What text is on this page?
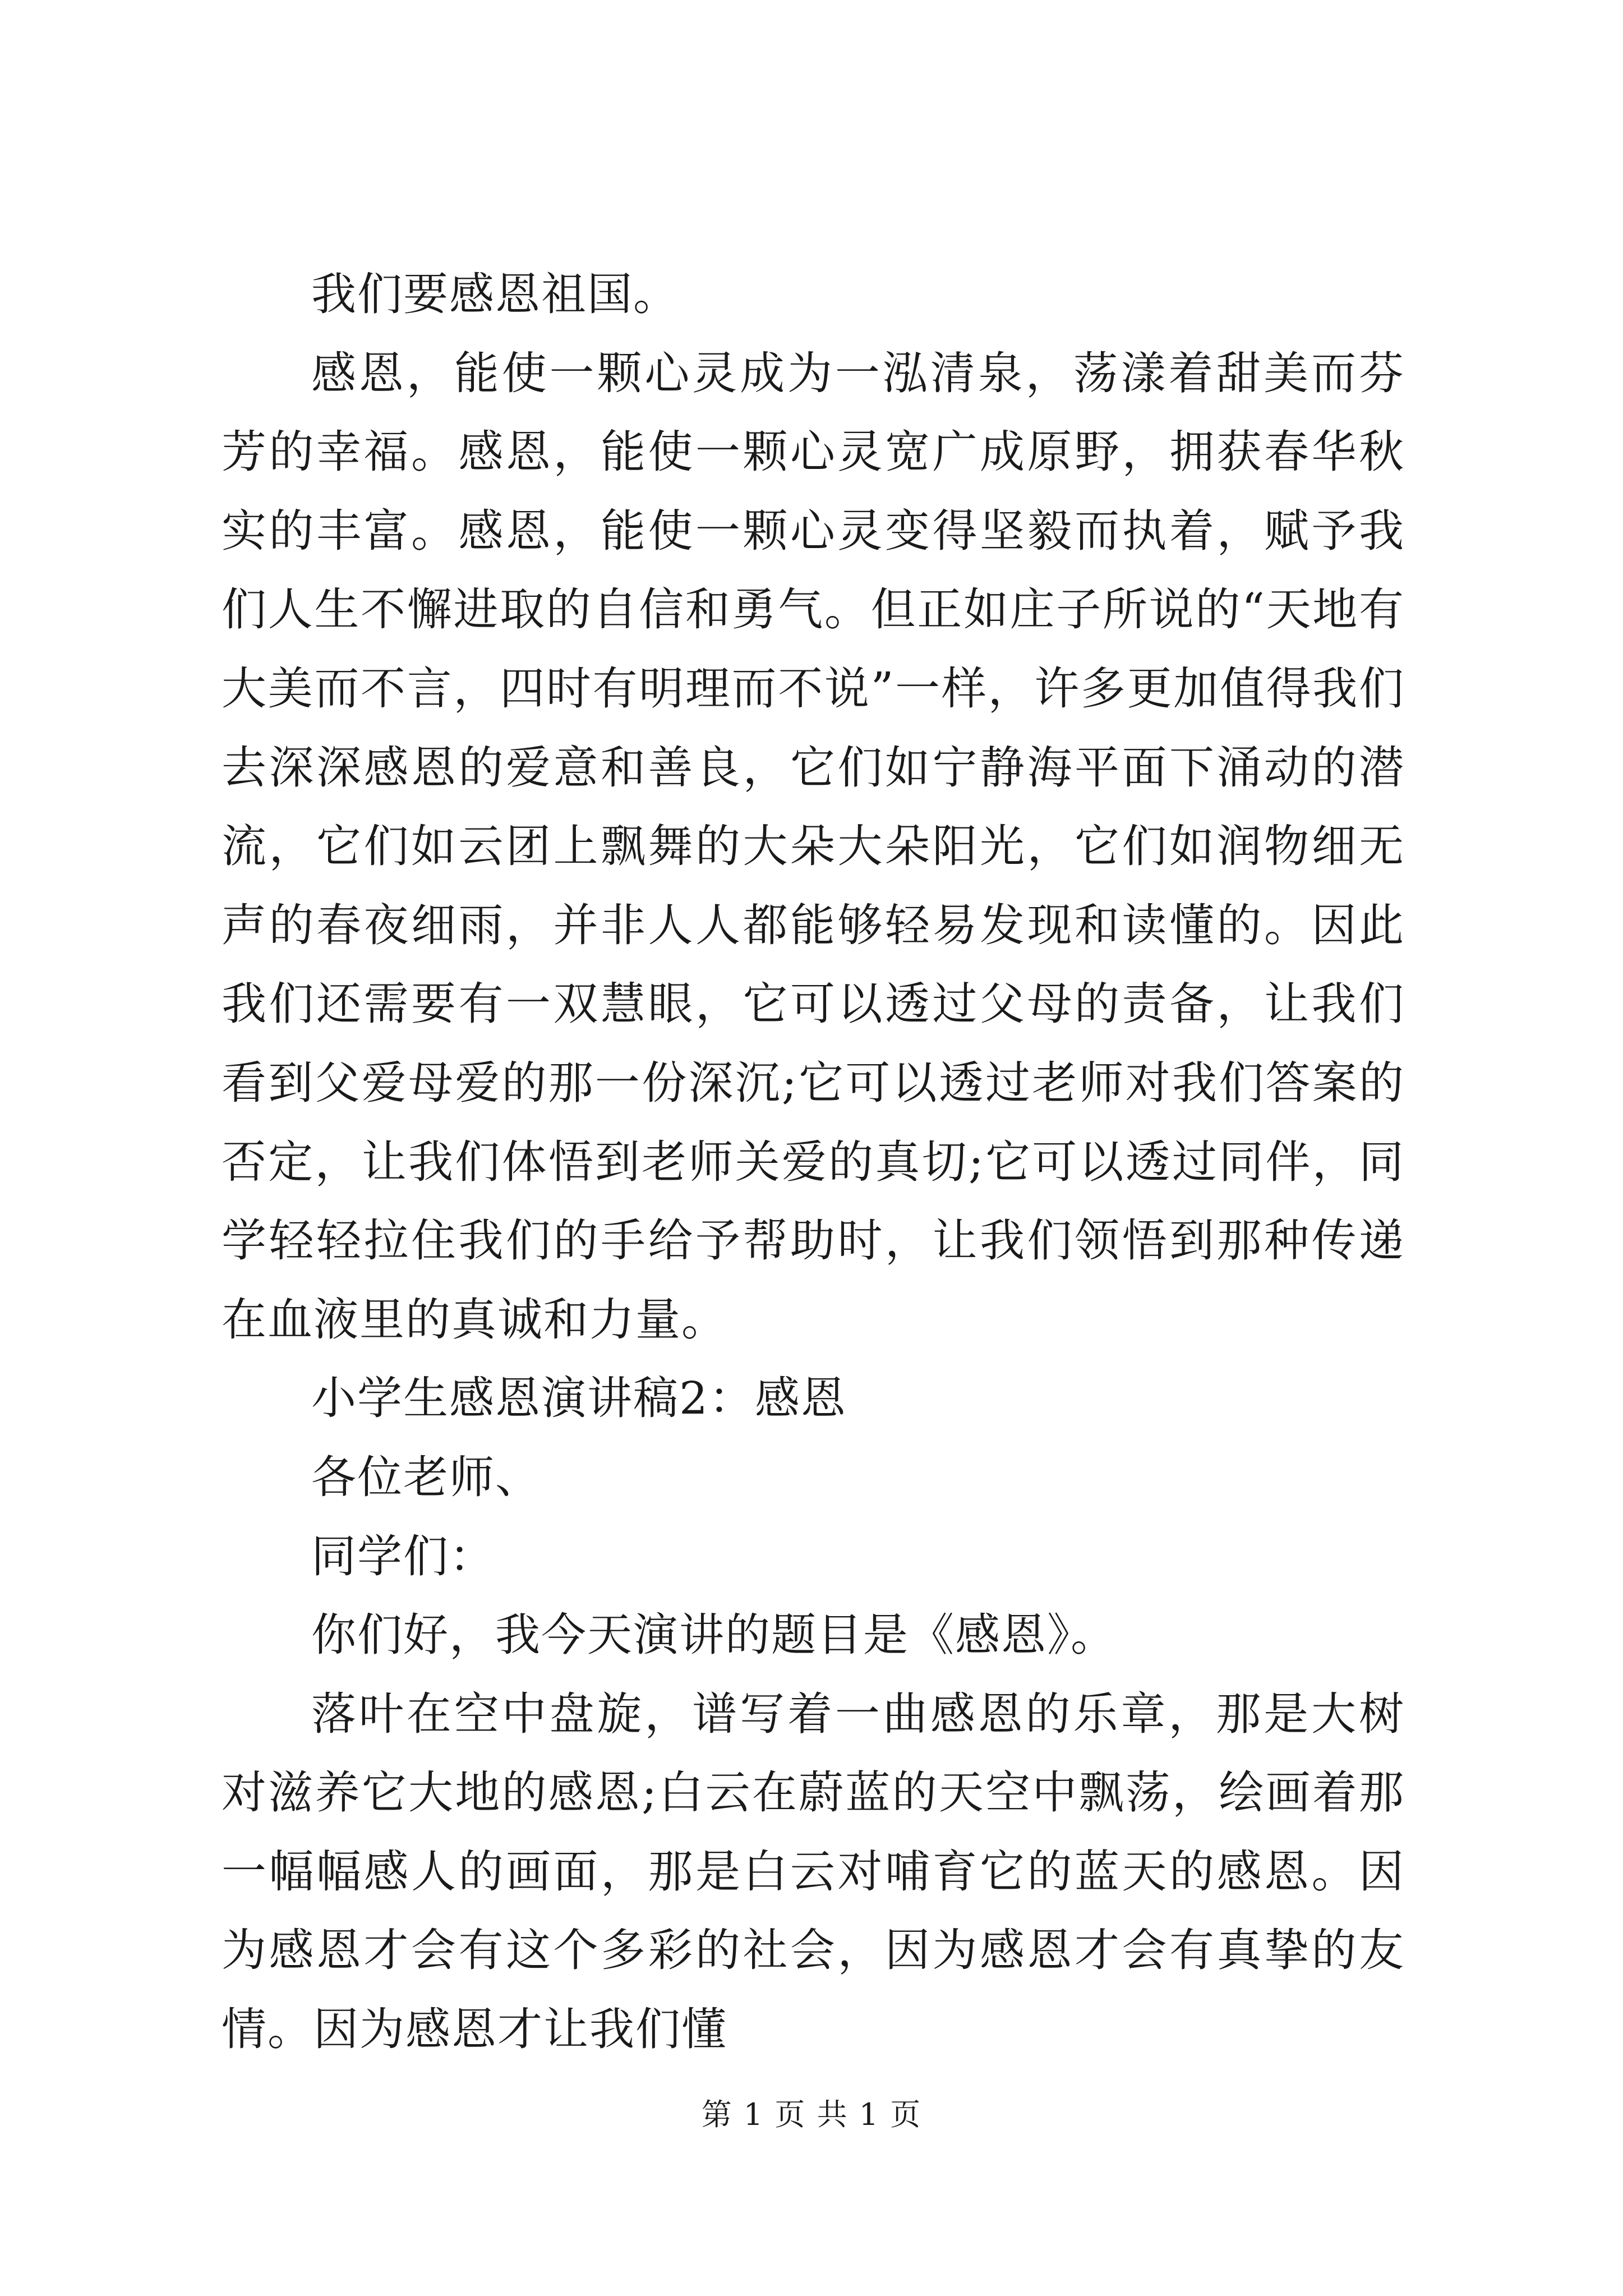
我们要感恩祖国。

感恩，能使一颗心灵成为一泓清泉，荡漾着甜美而芬芳的幸福。感恩，能使一颗心灵宽广成原野，拥获春华秋实的丰富。感恩，能使一颗心灵变得坚毅而执着，赋予我们人生不懈进取的自信和勇气。但正如庄子所说的“天地有大美而不言，四时有明理而不说”一样，许多更加值得我们去深深感恩的爱意和善良，它们如宁静海平面下涌动的潜流，它们如云团上飘舞的大朵大朵阳光，它们如润物细无声的春夜细雨，并非人人都能够轻易发现和读懂的。因此我们还需要有一双慧眼，它可以透过父母的责备，让我们看到父爱母爱的那一份深沉;它可以透过老师对我们答案的否定，让我们体悟到老师关爱的真切;它可以透过同伴，同学轻轻拉住我们的手给予帮助时，让我们领悟到那种传递在血液里的真诚和力量。

小学生感恩演讲稿2：感恩

各位老师、

同学们：

你们好，我今天演讲的题目是《感恩》。

落叶在空中盘旋，谱写着一曲感恩的乐章，那是大树对滋养它大地的感恩;白云在蔚蓝的天空中飘荡，绘画着那一幅幅感人的画面，那是白云对哺育它的蓝天的感恩。因为感恩才会有这个多彩的社会，因为感恩才会有真挚的友情。因为感恩才让我们懂

第 1 页 共 1 页
